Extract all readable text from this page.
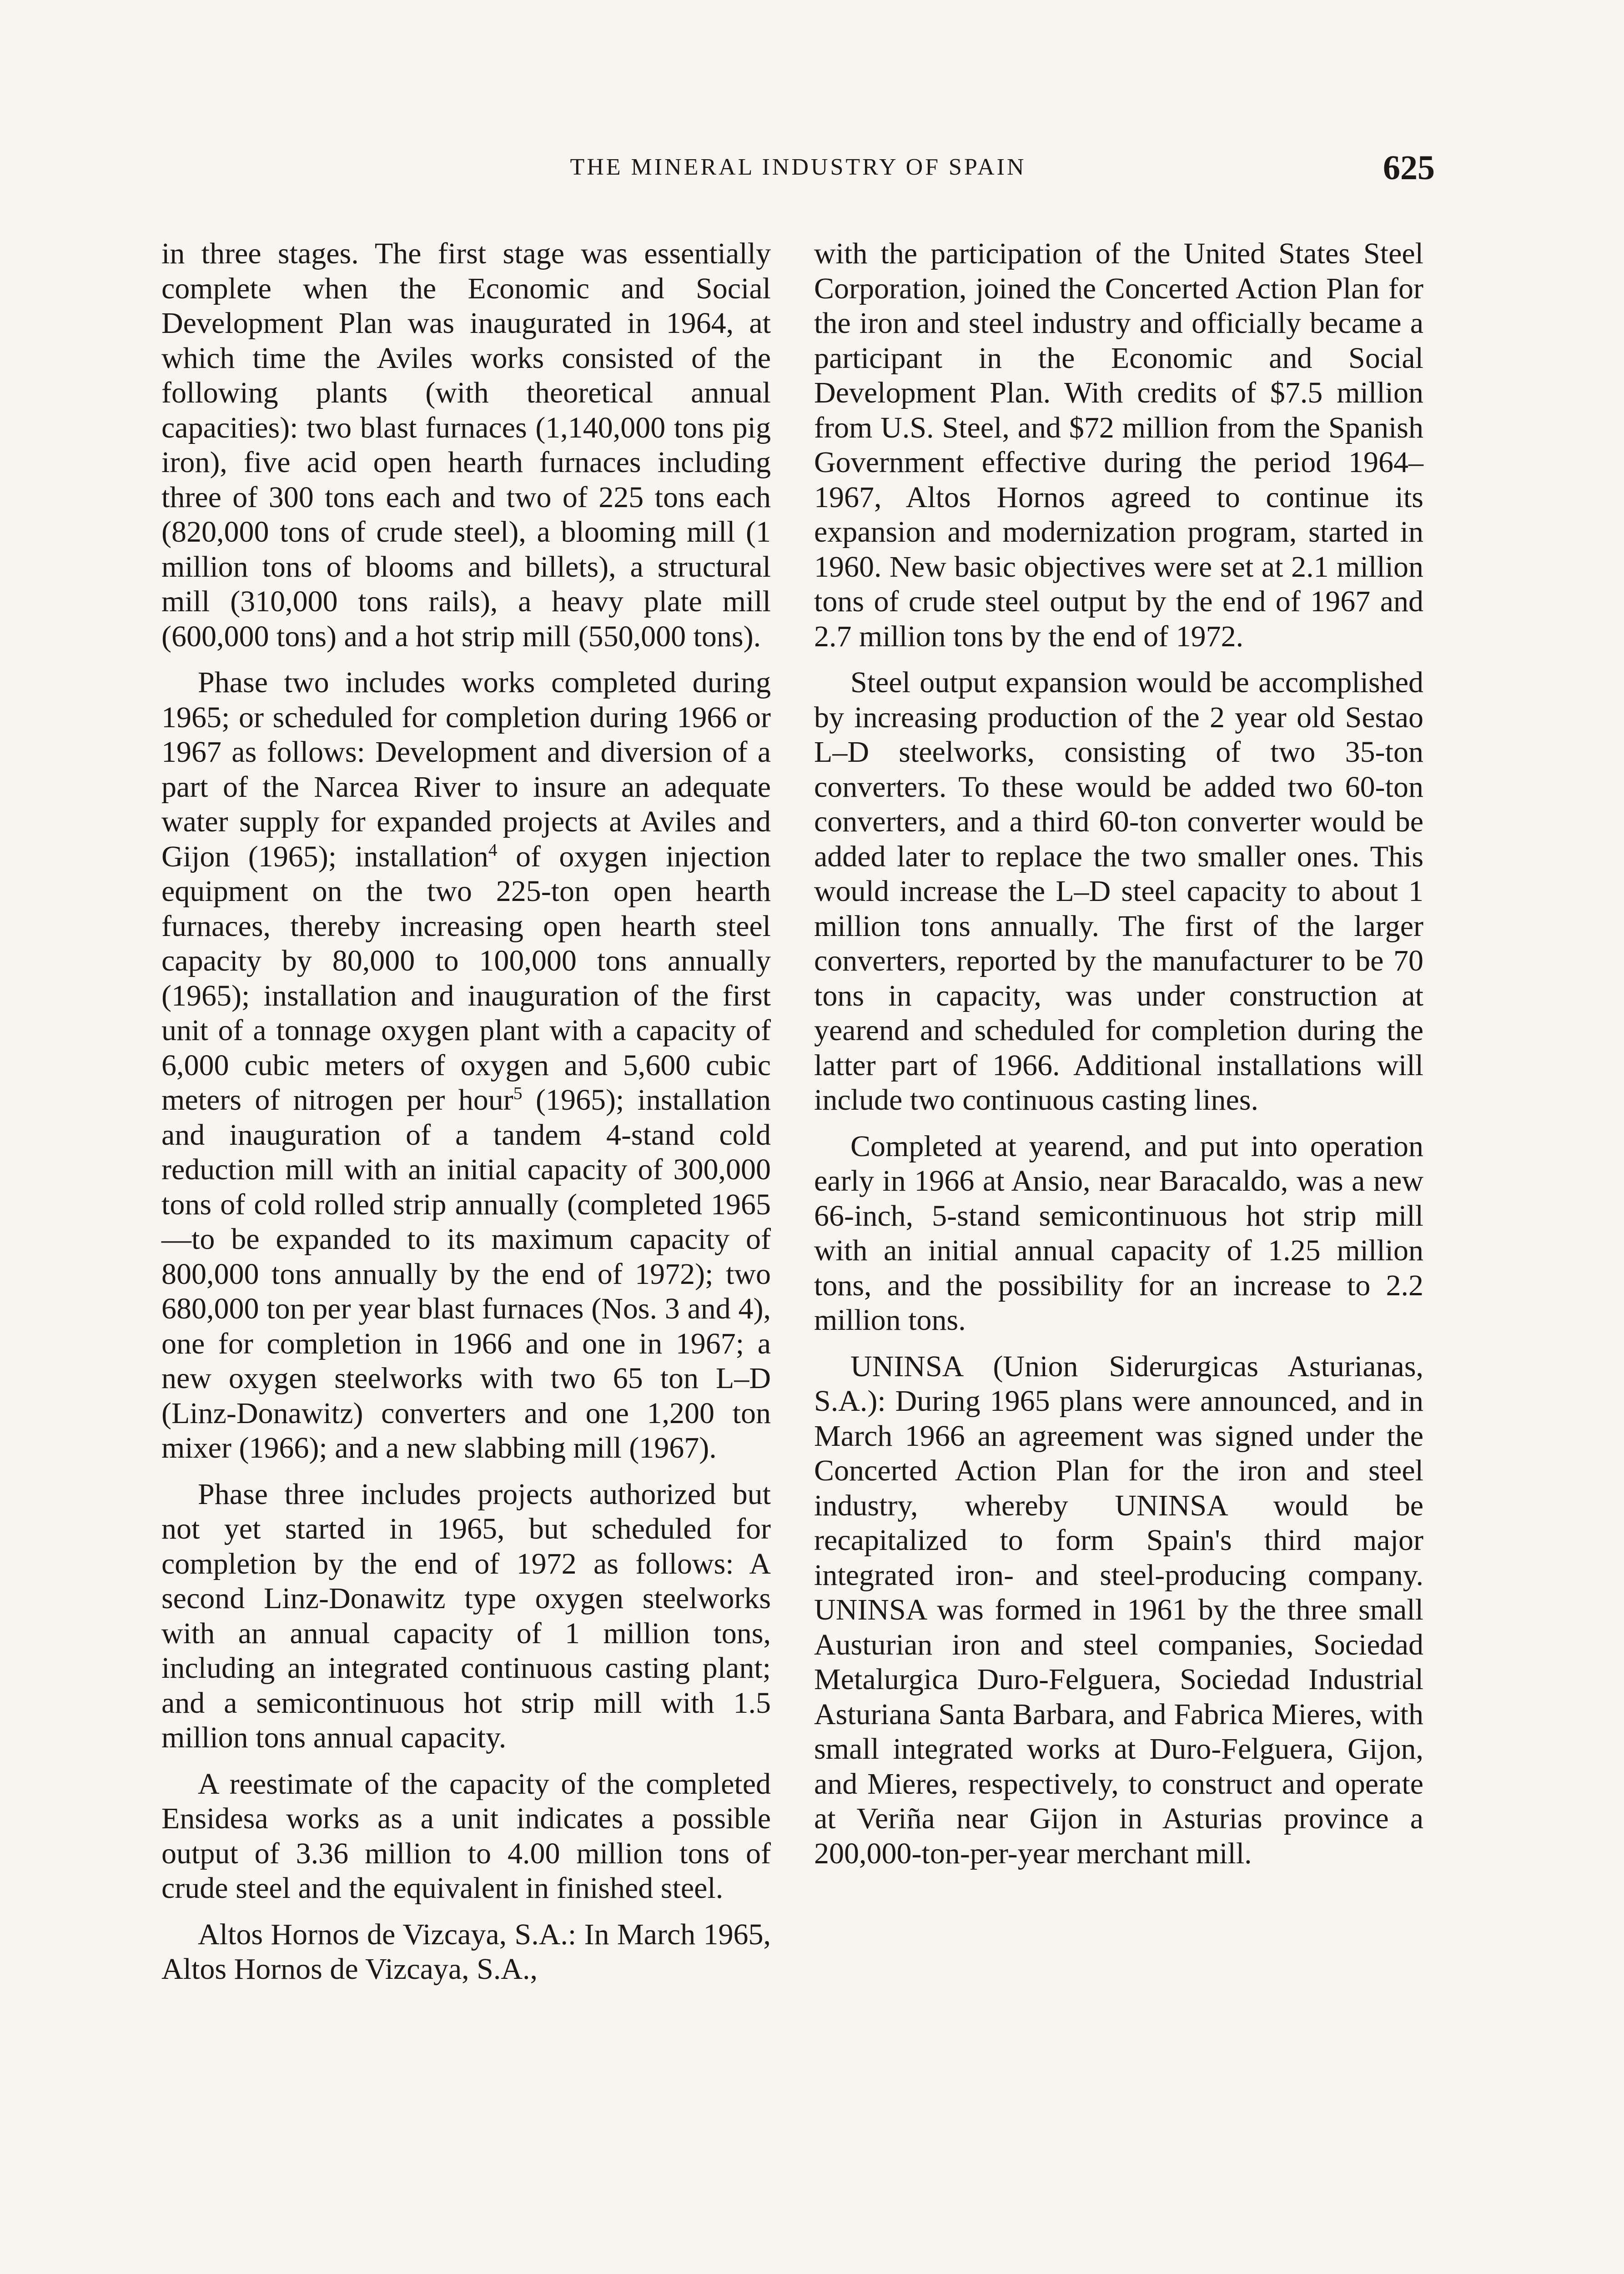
THE MINERAL INDUSTRY OF SPAIN	625

in three stages. The first stage was essentially complete when the Economic and Social Development Plan was inaugurated in 1964, at which time the Aviles works consisted of the following plants (with theoretical annual capacities): two blast furnaces (1,140,000 tons pig iron), five acid open hearth furnaces including three of 300 tons each and two of 225 tons each (820,000 tons of crude steel), a blooming mill (1 million tons of blooms and billets), a structural mill (310,000 tons rails), a heavy plate mill (600,000 tons) and a hot strip mill (550,000 tons).

Phase two includes works completed during 1965; or scheduled for completion during 1966 or 1967 as follows: Development and diversion of a part of the Narcea River to insure an adequate water supply for expanded projects at Aviles and Gijon (1965); installation$^4$ of oxygen injection equipment on the two 225-ton open hearth furnaces, thereby increasing open hearth steel capacity by 80,000 to 100,000 tons annually (1965); installation and inauguration of the first unit of a tonnage oxygen plant with a capacity of 6,000 cubic meters of oxygen and 5,600 cubic meters of nitrogen per hour$^5$ (1965); installation and inauguration of a tandem 4-stand cold reduction mill with an initial capacity of 300,000 tons of cold rolled strip annually (completed 1965—to be expanded to its maximum capacity of 800,000 tons annually by the end of 1972); two 680,000 ton per year blast furnaces (Nos. 3 and 4), one for completion in 1966 and one in 1967; a new oxygen steelworks with two 65 ton L–D (Linz-Donawitz) converters and one 1,200 ton mixer (1966); and a new slabbing mill (1967).

Phase three includes projects authorized but not yet started in 1965, but scheduled for completion by the end of 1972 as follows: A second Linz-Donawitz type oxygen steelworks with an annual capacity of 1 million tons, including an integrated continuous casting plant; and a semicontinuous hot strip mill with 1.5 million tons annual capacity.

A reestimate of the capacity of the completed Ensidesa works as a unit indicates a possible output of 3.36 million to 4.00 million tons of crude steel and the equivalent in finished steel.

Altos Hornos de Vizcaya, S.A.: In March 1965, Altos Hornos de Vizcaya, S.A.,

with the participation of the United States Steel Corporation, joined the Concerted Action Plan for the iron and steel industry and officially became a participant in the Economic and Social Development Plan. With credits of $7.5 million from U.S. Steel, and $72 million from the Spanish Government effective during the period 1964–1967, Altos Hornos agreed to continue its expansion and modernization program, started in 1960. New basic objectives were set at 2.1 million tons of crude steel output by the end of 1967 and 2.7 million tons by the end of 1972.

Steel output expansion would be accomplished by increasing production of the 2 year old Sestao L–D steelworks, consisting of two 35-ton converters. To these would be added two 60-ton converters, and a third 60-ton converter would be added later to replace the two smaller ones. This would increase the L–D steel capacity to about 1 million tons annually. The first of the larger converters, reported by the manufacturer to be 70 tons in capacity, was under construction at yearend and scheduled for completion during the latter part of 1966. Additional installations will include two continuous casting lines.

Completed at yearend, and put into operation early in 1966 at Ansio, near Baracaldo, was a new 66-inch, 5-stand semicontinuous hot strip mill with an initial annual capacity of 1.25 million tons, and the possibility for an increase to 2.2 million tons.

UNINSA (Union Siderurgicas Asturianas, S.A.): During 1965 plans were announced, and in March 1966 an agreement was signed under the Concerted Action Plan for the iron and steel industry, whereby UNINSA would be recapitalized to form Spain's third major integrated iron- and steel-producing company. UNINSA was formed in 1961 by the three small Austurian iron and steel companies, Sociedad Metalurgica Duro-Felguera, Sociedad Industrial Asturiana Santa Barbara, and Fabrica Mieres, with small integrated works at Duro-Felguera, Gijon, and Mieres, respectively, to construct and operate at Veriña near Gijon in Asturias province a 200,000-ton-per-year merchant mill.
